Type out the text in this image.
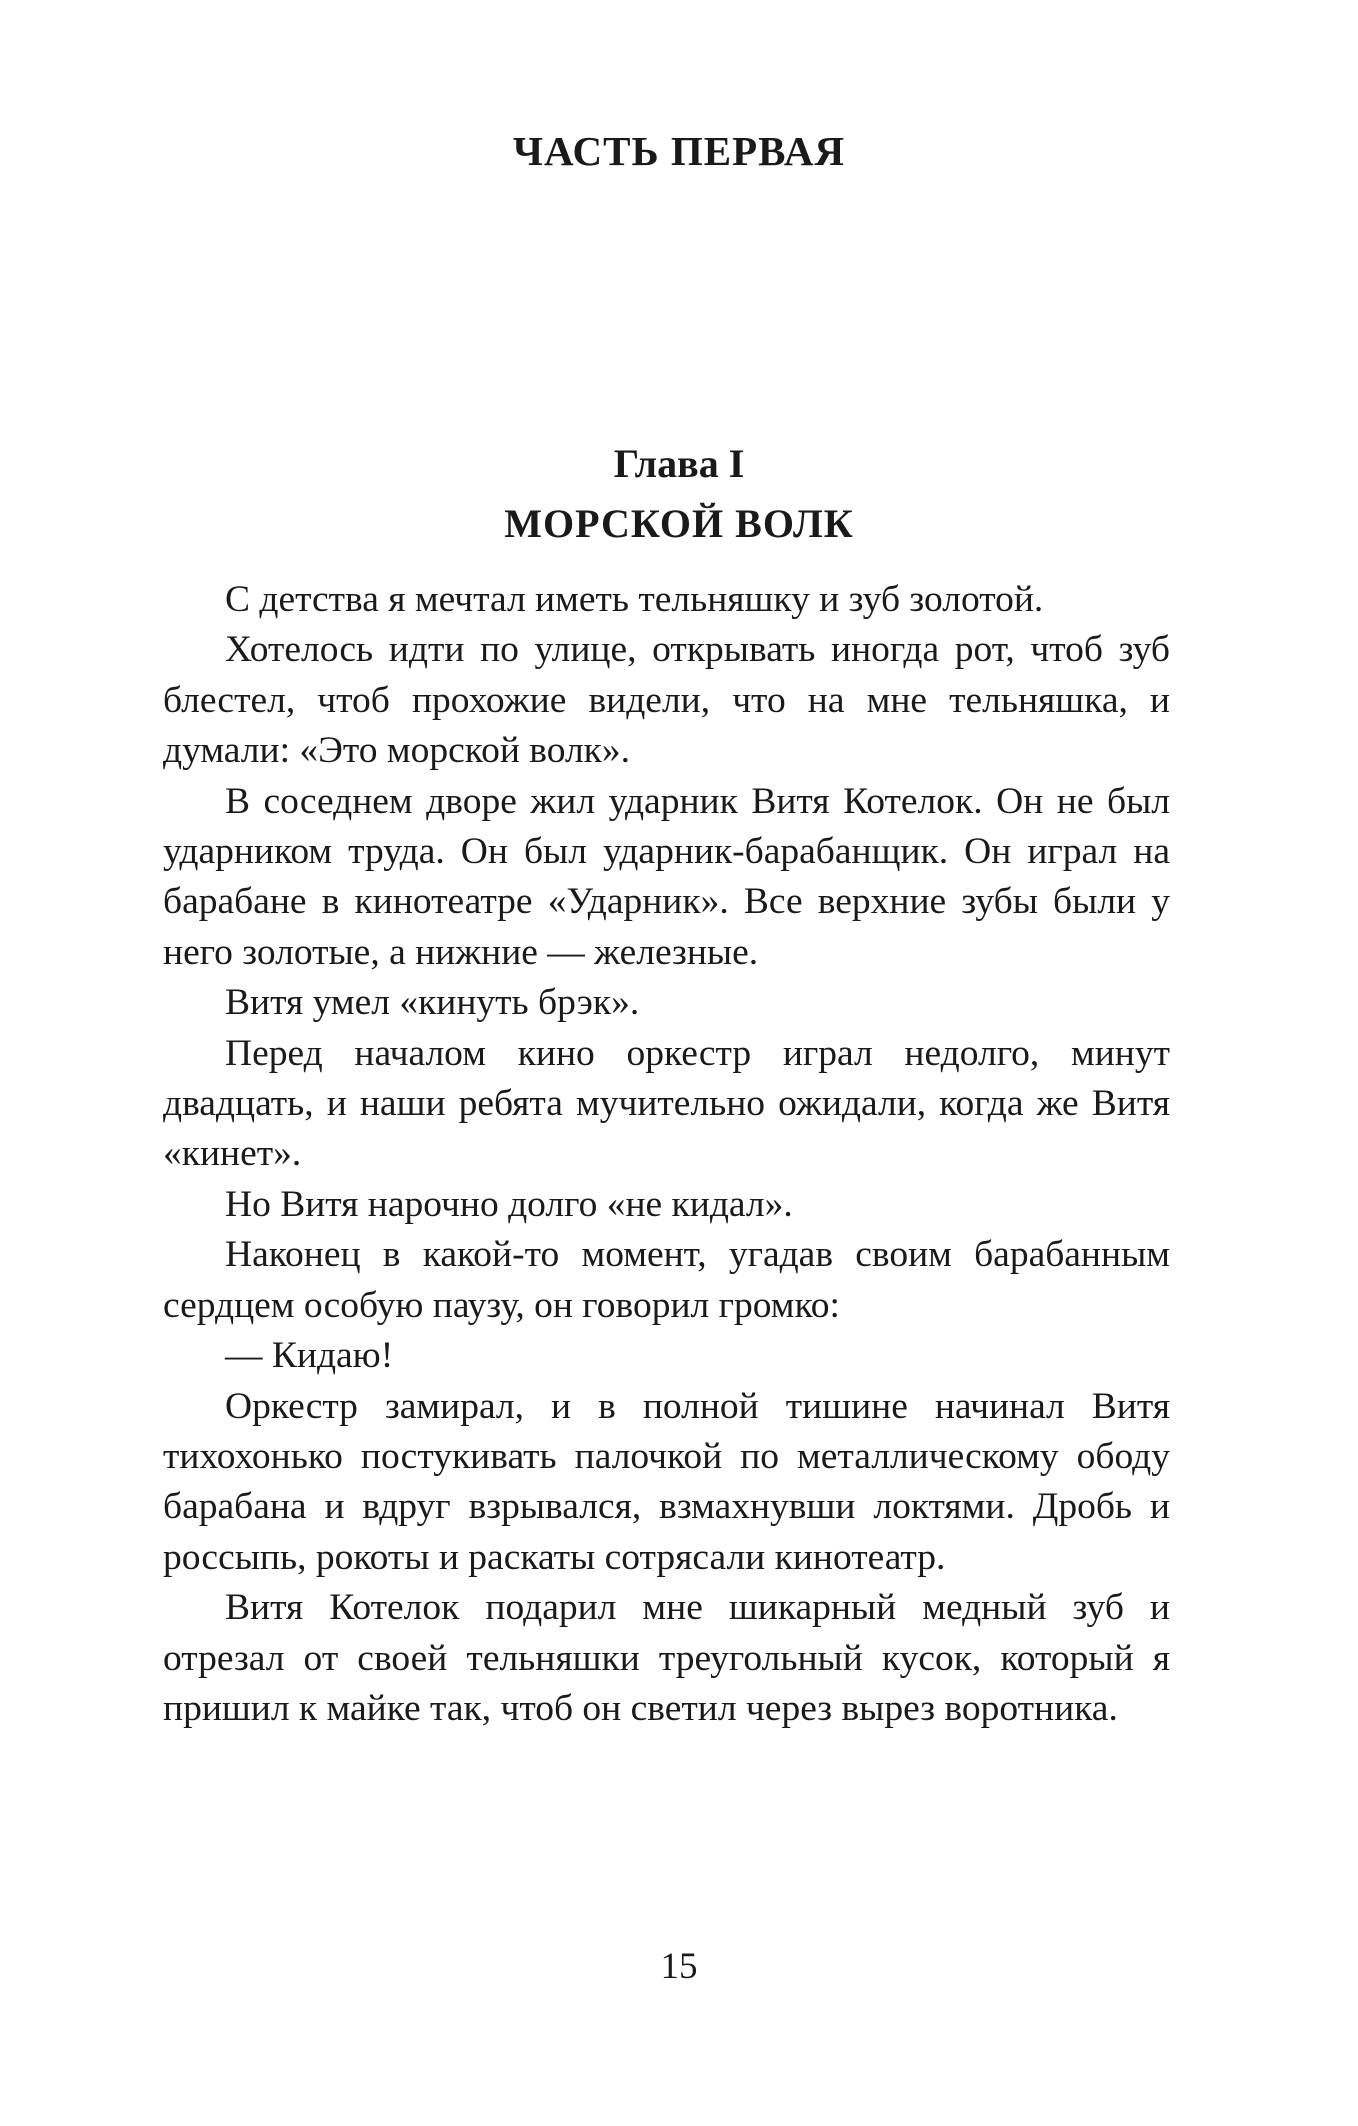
ЧАСТЬ ПЕРВАЯ
Глава I
МОРСКОЙ ВОЛК

С детства я мечтал иметь тельняшку и зуб золотой.

Хотелось идти по улице, открывать иногда рот, чтоб зуб блестел, чтоб прохожие видели, что на мне тельняшка, и думали: «Это морской волк».

В соседнем дворе жил ударник Витя Котелок. Он не был ударником труда. Он был ударник-барабанщик. Он играл на барабане в кинотеатре «Ударник». Все верхние зубы были у него золотые, а нижние — железные.

Витя умел «кинуть брэк».

Перед началом кино оркестр играл недолго, минут двадцать, и наши ребята мучительно ожидали, когда же Витя «кинет».

Но Витя нарочно долго «не кидал».

Наконец в какой-то момент, угадав своим барабанным сердцем особую паузу, он говорил громко:

— Кидаю!

Оркестр замирал, и в полной тишине начинал Витя тихохонько постукивать палочкой по металлическому ободу барабана и вдруг взрывался, взмахнувши локтями. Дробь и россыпь, рокоты и раскаты сотрясали кинотеатр.

Витя Котелок подарил мне шикарный медный зуб и отрезал от своей тельняшки треугольный кусок, который я пришил к майке так, чтоб он светил через вырез воротника.

15
